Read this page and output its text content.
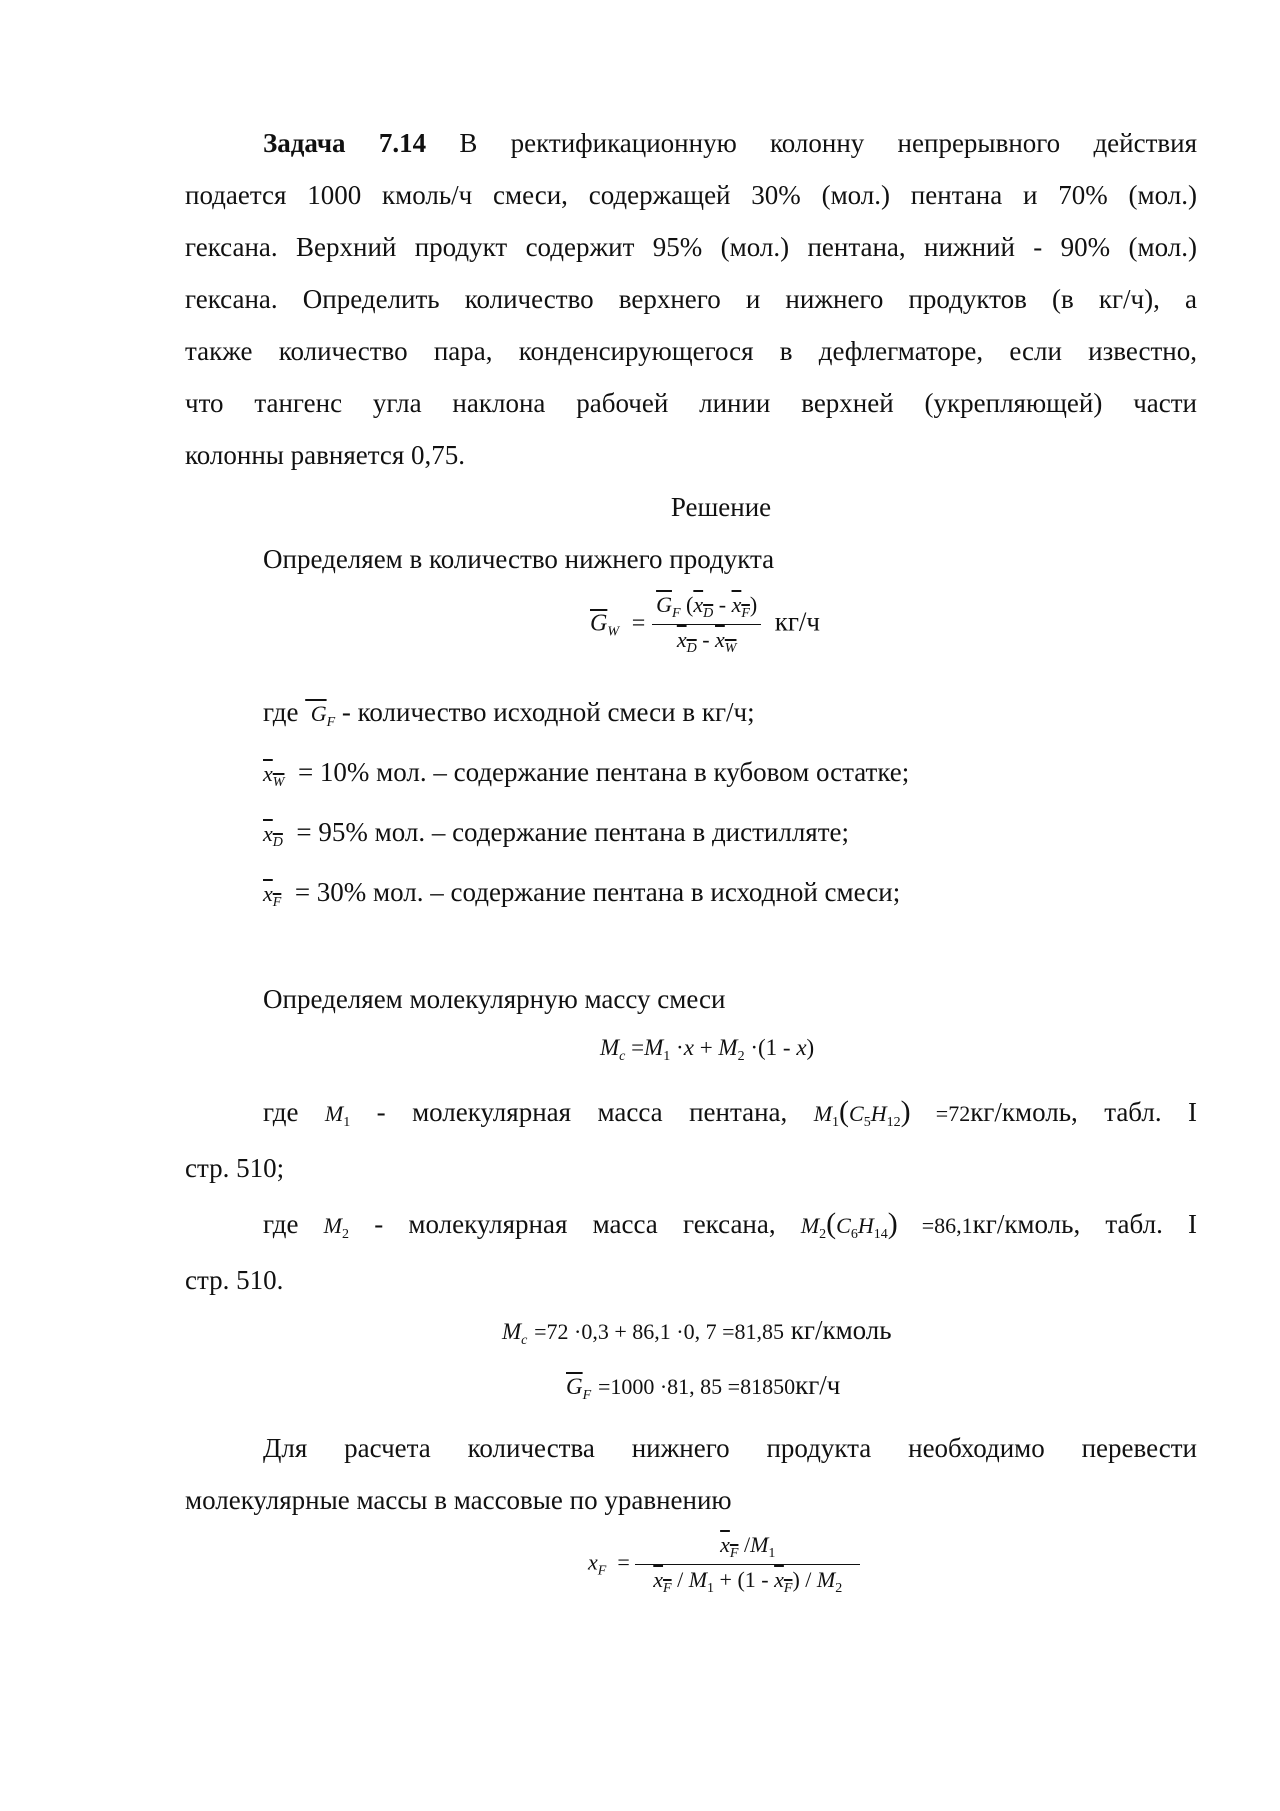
Задача 7.14 В ректификационную колонну непрерывного действия
подается 1000 кмоль/ч смеси, содержащей 30% (мол.) пентана и 70% (мол.)
гексана. Верхний продукт содержит 95% (мол.) пентана, нижний - 90% (мол.)
гексана. Определить количество верхнего и нижнего продуктов (в кг/ч), а
также количество пара, конденсирующегося в дефлегматоре, если известно,
что тангенс угла наклона рабочей линии верхней (укрепляющей) части
колонны равняется 0,75.
Решение
Определяем в количество нижнего продукта
$\overline{G}_W = \frac{\overline{G}_F (x_D - x_F)}{x_D - x_W} кг/ч$
где  $G_F$ - количество исходной смеси в кг/ч;
$x_W = 10\%$ мол. – содержание пентана в кубовом остатке;
$x_D = 95\%$ мол. – содержание пентана в дистилляте;
$x_F = 30\%$ мол. – содержание пентана в исходной смеси;
Определяем молекулярную массу смеси
$M_c =M_1 \cdot x + M_2 \cdot(1 - x)$
где M1 - молекулярная масса пентана, $M_1(C_5H_{12})$ =72кг/кмоль, табл. I
стр. 510;
где M2 - молекулярная масса гексана, $M_2(C_6H_{14})$ =86,1кг/кмоль, табл. I
стр. 510.
$M_c =72 \cdot 0,3 + 86,1 \cdot 0$, 7 =81,85 кг/кмоль
$\overline{G}_F =1000 \cdot 81$, 85 =81850кг/ч
Для расчета количества нижнего продукта необходимо перевести
молекулярные массы в массовые по уравнению
$x_F = \frac{x_F /M_1}{x_F / M_1 + (1 - x_F) / M_2}$
